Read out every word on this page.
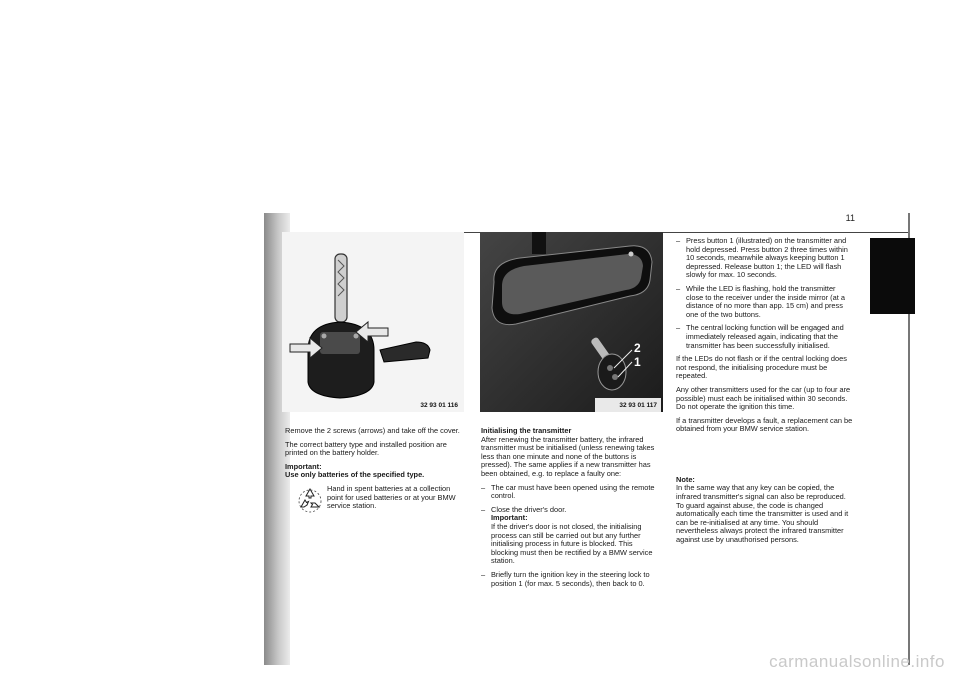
11
32 93 01 116
2
1
32 93 01 117

Remove the 2 screws (arrows) and take off the cover.

The correct battery type and installed position are printed on the battery holder.

Important:

Use only batteries of the specified type.

Hand in spent batteries at a collection point for used batteries or at your BMW service station.

Initialising the transmitter

After renewing the transmitter battery, the infrared transmitter must be initialised (unless renewing takes less than one minute and none of the buttons is pressed). The same applies if a new transmitter has been obtained, e.g. to replace a faulty one:

– The car must have been opened using the remote control.
– Close the driver's door.
Important:
If the driver's door is not closed, the initialising process can still be carried out but any further initialising process in future is blocked. This blocking must then be rectified by a BMW service station.
– Briefly turn the ignition key in the steering lock to position 1 (for max. 5 seconds), then back to 0.
– Press button 1 (illustrated) on the transmitter and hold depressed. Press button 2 three times within 10 seconds, meanwhile always keeping button 1 depressed. Release button 1; the LED will flash slowly for max. 10 seconds.
– While the LED is flashing, hold the transmitter close to the receiver under the inside mirror (at a distance of no more than app. 15 cm) and press one of the two buttons.
– The central locking function will be engaged and immediately released again, indicating that the transmitter has been successfully initialised.

If the LEDs do not flash or if the central locking does not respond, the initialising procedure must be repeated.

Any other transmitters used for the car (up to four are possible) must each be initialised within 30 seconds. Do not operate the ignition this time.

If a transmitter develops a fault, a replacement can be obtained from your BMW service station.

Note:

In the same way that any key can be copied, the infrared transmitter's signal can also be reproduced. To guard against abuse, the code is changed automatically each time the transmitter is used and it can be re-initialised at any time. You should nevertheless always protect the infrared transmitter against use by unauthorised persons.

carmanualsonline.info
